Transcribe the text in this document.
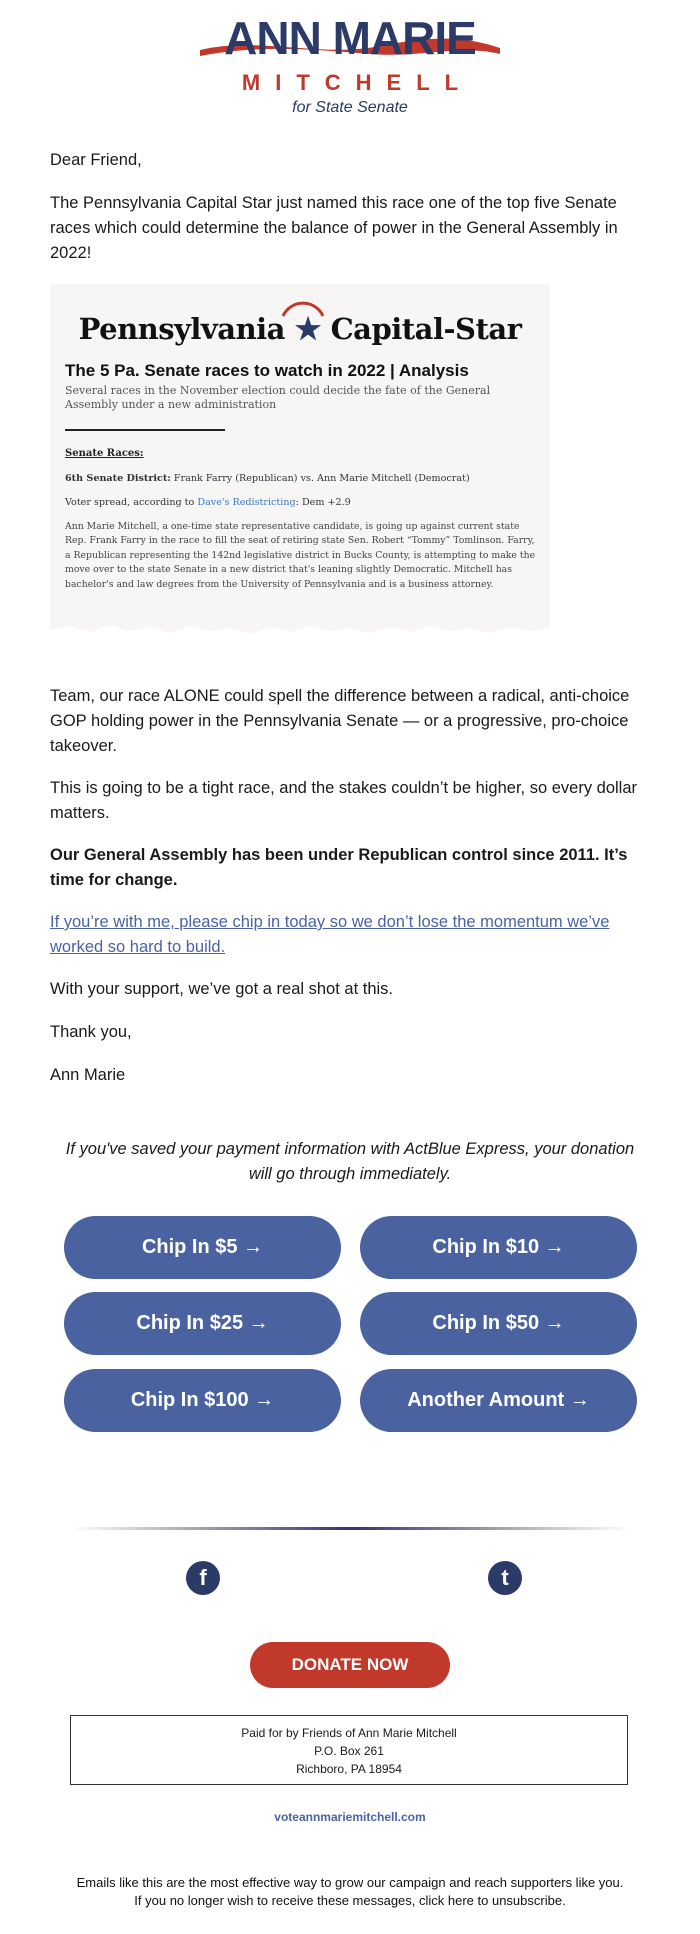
ANN MARIE
MITCHELL
for State Senate

Dear Friend,

The Pennsylvania Capital Star just named this race one of the top five Senate races which could determine the balance of power in the General Assembly in 2022!

Pennsylvania ★ Capital-Star
The 5 Pa. Senate races to watch in 2022 | Analysis
Several races in the November election could decide the fate of the General Assembly under a new administration
Senate Races:
6th Senate District: Frank Farry (Republican) vs. Ann Marie Mitchell (Democrat)
Voter spread, according to Dave's Redistricting: Dem +2.9
Ann Marie Mitchell, a one-time state representative candidate, is going up against current state Rep. Frank Farry in the race to fill the seat of retiring state Sen. Robert “Tommy” Tomlinson. Farry, a Republican representing the 142nd legislative district in Bucks County, is attempting to make the move over to the state Senate in a new district that's leaning slightly Democratic. Mitchell has bachelor's and law degrees from the University of Pennsylvania and is a business attorney.

Team, our race ALONE could spell the difference between a radical, anti-choice GOP holding power in the Pennsylvania Senate — or a progressive, pro-choice takeover.

This is going to be a tight race, and the stakes couldn’t be higher, so every dollar matters.

Our General Assembly has been under Republican control since 2011. It’s time for change.

If you’re with me, please chip in today so we don’t lose the momentum we’ve worked so hard to build.

With your support, we’ve got a real shot at this.

Thank you,

Ann Marie

If you've saved your payment information with ActBlue Express, your donation will go through immediately.
Chip In $5 →	Chip In $10 →
Chip In $25 →	Chip In $50 →
Chip In $100 →	Another Amount →
f	t
DONATE NOW
Paid for by Friends of Ann Marie Mitchell
P.O. Box 261
Richboro, PA 18954
voteannmariemitchell.com
Emails like this are the most effective way to grow our campaign and reach supporters like you.
If you no longer wish to receive these messages, click here to unsubscribe.
